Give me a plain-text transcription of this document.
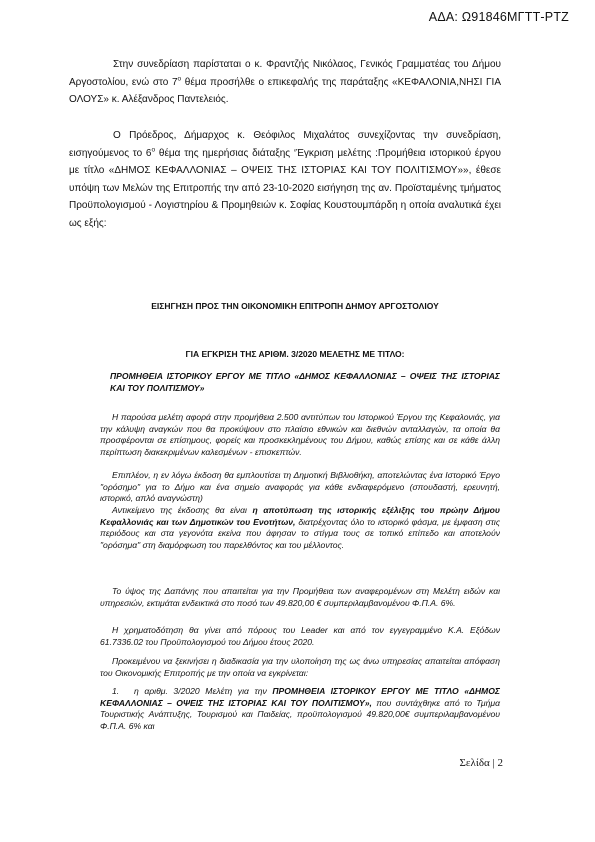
ΑΔΑ: Ω91846ΜΓΤΤ-ΡΤΖ
Στην συνεδρίαση παρίσταται ο κ. Φραντζής Νικόλαος, Γενικός Γραμματέας του Δήμου Αργοστολίου, ενώ στο $7^o$ θέμα προσήλθε ο επικεφαλής της παράταξης «ΚΕΦΑΛΟΝΙΑ,ΝΗΣΙ ΓΙΑ ΟΛΟΥΣ» κ. Αλέξανδρος Παντελειός.
Ο Πρόεδρος, Δήμαρχος κ. Θεόφιλος Μιχαλάτος συνεχίζοντας την συνεδρίαση, εισηγούμενος το $6^o$ θέμα της ημερήσιας διάταξης ‘Έγκριση μελέτης :Προμήθεια ιστορικού έργου με τίτλο «ΔΗΜΟΣ ΚΕΦΑΛΛΟΝΙΑΣ – ΟΨΕΙΣ ΤΗΣ ΙΣΤΟΡΙΑΣ ΚΑΙ ΤΟΥ ΠΟΛΙΤΙΣΜΟΥ»», έθεσε υπόψη των Μελών της Επιτροπής την από 23-10-2020 εισήγηση της αν. Προϊσταμένης τμήματος Προϋπολογισμού - Λογιστηρίου & Προμηθειών κ. Σοφίας Κουστουμπάρδη η οποία αναλυτικά έχει ως εξής:
ΕΙΣΗΓΗΣΗ ΠΡΟΣ ΤΗΝ ΟΙΚΟΝΟΜΙΚΗ ΕΠΙΤΡΟΠΗ ΔΗΜΟΥ ΑΡΓΟΣΤΟΛΙΟΥ
ΓΙΑ ΕΓΚΡΙΣΗ ΤΗΣ ΑΡΙΘΜ. 3/2020 ΜΕΛΕΤΗΣ ΜΕ ΤΙΤΛΟ:
ΠΡΟΜΗΘΕΙΑ ΙΣΤΟΡΙΚΟΥ ΕΡΓΟΥ ΜΕ ΤΙΤΛΟ «ΔΗΜΟΣ ΚΕΦΑΛΛΟΝΙΑΣ – ΟΨΕΙΣ ΤΗΣ ΙΣΤΟΡΙΑΣ ΚΑΙ ΤΟΥ ΠΟΛΙΤΙΣΜΟΥ»
Η παρούσα μελέτη αφορά στην προμήθεια 2.500 αντιτύπων του Ιστορικού Έργου της Κεφαλονιάς, για την κάλυψη αναγκών που θα προκύψουν στο πλαίσιο εθνικών και διεθνών ανταλλαγών, τα οποία θα προσφέρονται σε επίσημους, φορείς και προσκεκλημένους του Δήμου, καθώς επίσης και σε κάθε άλλη περίπτωση διακεκριμένων καλεσμένων - επισκεπτών.
Επιπλέον, η εν λόγω έκδοση θα εμπλουτίσει τη Δημοτική Βιβλιοθήκη, αποτελώντας ένα Ιστορικό Έργο "ορόσημο" για το Δήμο και ένα σημείο αναφοράς για κάθε ενδιαφερόμενο (σπουδαστή, ερευνητή, ιστορικό, απλό αναγνώστη)
Αντικείμενο της έκδοσης θα είναι η αποτύπωση της ιστορικής εξέλιξης του πρώην Δήμου Κεφαλλονιάς και των Δημοτικών του Ενοτήτων, διατρέχοντας όλο το ιστορικό φάσμα, με έμφαση στις περιόδους και στα γεγονότα εκείνα που άφησαν το στίγμα τους σε τοπικό επίπεδο και αποτελούν "ορόσημα" στη διαμόρφωση του παρελθόντος και του μέλλοντος.
Το ύψος της Δαπάνης που απαιτείται για την Προμήθεια των αναφερομένων στη Μελέτη ειδών και υπηρεσιών, εκτιμάται ενδεικτικά στο ποσό των 49.820,00 € συμπεριλαμβανομένου Φ.Π.Α. 6%.
Η χρηματοδότηση θα γίνει από πόρους του Leader και από τον εγγεγραμμένο Κ.Α. Εξόδων 61.7336.02 του Προϋπολογισμού του Δήμου έτους 2020.
Προκειμένου να ξεκινήσει η διαδικασία για την υλοποίηση της ως άνω υπηρεσίας απαιτείται απόφαση του Οικονομικής Επιτροπής με την οποία να εγκρίνεται:
1. η αριθμ. 3/2020 Μελέτη για την ΠΡΟΜΗΘΕΙΑ ΙΣΤΟΡΙΚΟΥ ΕΡΓΟΥ ΜΕ ΤΙΤΛΟ «ΔΗΜΟΣ ΚΕΦΑΛΛΟΝΙΑΣ – ΟΨΕΙΣ ΤΗΣ ΙΣΤΟΡΙΑΣ ΚΑΙ ΤΟΥ ΠΟΛΙΤΙΣΜΟΥ», που συντάχθηκε από το Τμήμα Τουριστικής Ανάπτυξης, Τουρισμού και Παιδείας, προϋπολογισμού 49.820,00€ συμπεριλαμβανομένου Φ.Π.Α. 6% και
Σελίδα | 2
